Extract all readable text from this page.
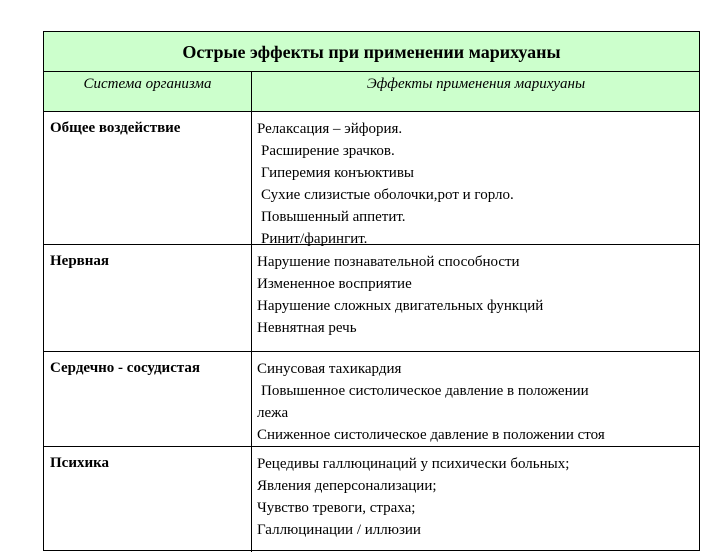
Острые эффекты при применении марихуаны
Система организма	Эффекты применения марихуаны
Общее воздействие	Релаксация – эйфория.
Расширение зрачков.
Гиперемия конъюктивы
Сухие слизистые оболочки,рот и горло.
Повышенный аппетит.
Ринит/фарингит.
Нервная	Нарушение познавательной способности
Измененное восприятие
Нарушение сложных двигательных функций
Невнятная речь
Сердечно - сосудистая	Синусовая тахикардия
Повышенное систолическое давление в положении
лежа
Сниженное систолическое давление в положении стоя
Психика	Рецедивы галлюцинаций у психически больных;
Явления деперсонализации;
Чувство тревоги, страха;
Галлюцинации / иллюзии
